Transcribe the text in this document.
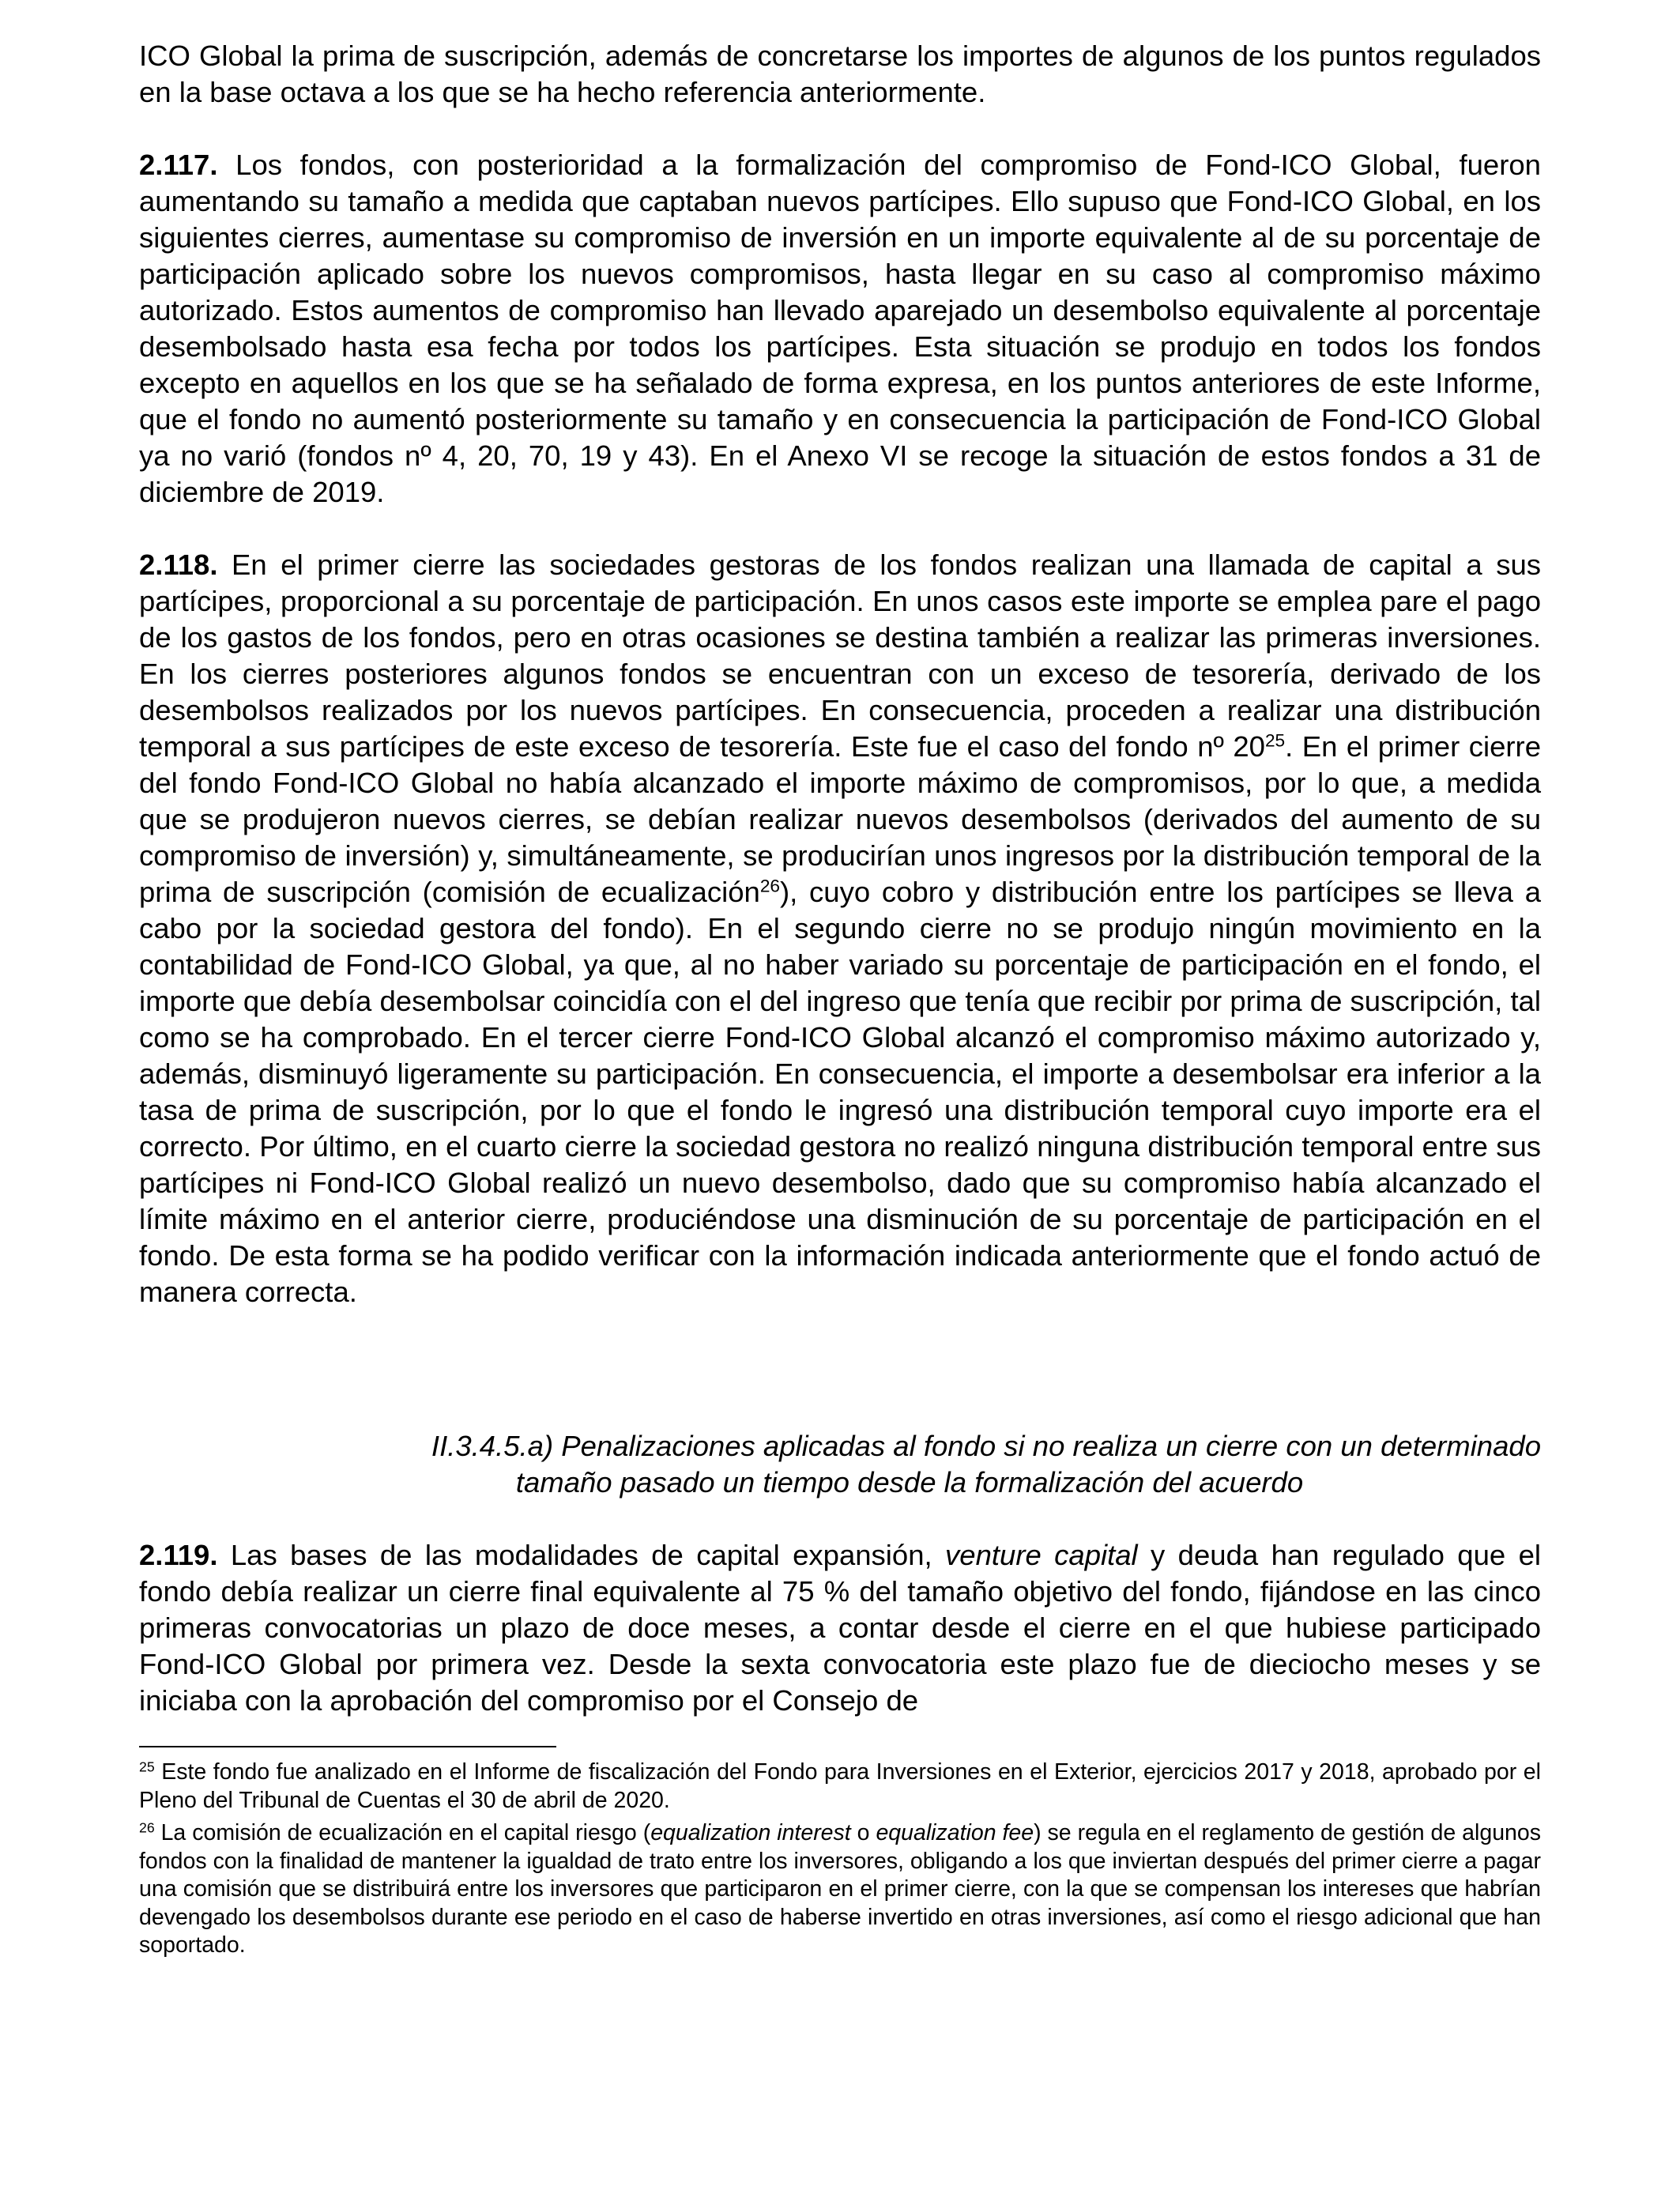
ICO Global la prima de suscripción, además de concretarse los importes de algunos de los puntos regulados en la base octava a los que se ha hecho referencia anteriormente.

2.117. Los fondos, con posterioridad a la formalización del compromiso de Fond-ICO Global, fueron aumentando su tamaño a medida que captaban nuevos partícipes. Ello supuso que Fond-ICO Global, en los siguientes cierres, aumentase su compromiso de inversión en un importe equivalente al de su porcentaje de participación aplicado sobre los nuevos compromisos, hasta llegar en su caso al compromiso máximo autorizado. Estos aumentos de compromiso han llevado aparejado un desembolso equivalente al porcentaje desembolsado hasta esa fecha por todos los partícipes. Esta situación se produjo en todos los fondos excepto en aquellos en los que se ha señalado de forma expresa, en los puntos anteriores de este Informe, que el fondo no aumentó posteriormente su tamaño y en consecuencia la participación de Fond-ICO Global ya no varió (fondos nº 4, 20, 70, 19 y 43). En el Anexo VI se recoge la situación de estos fondos a 31 de diciembre de 2019.

2.118. En el primer cierre las sociedades gestoras de los fondos realizan una llamada de capital a sus partícipes, proporcional a su porcentaje de participación. En unos casos este importe se emplea pare el pago de los gastos de los fondos, pero en otras ocasiones se destina también a realizar las primeras inversiones. En los cierres posteriores algunos fondos se encuentran con un exceso de tesorería, derivado de los desembolsos realizados por los nuevos partícipes. En consecuencia, proceden a realizar una distribución temporal a sus partícipes de este exceso de tesorería. Este fue el caso del fondo nº $20^{25}$. En el primer cierre del fondo Fond-ICO Global no había alcanzado el importe máximo de compromisos, por lo que, a medida que se produjeron nuevos cierres, se debían realizar nuevos desembolsos (derivados del aumento de su compromiso de inversión) y, simultáneamente, se producirían unos ingresos por la distribución temporal de la prima de suscripción (comisión de ecualización$^{26}$), cuyo cobro y distribución entre los partícipes se lleva a cabo por la sociedad gestora del fondo). En el segundo cierre no se produjo ningún movimiento en la contabilidad de Fond-ICO Global, ya que, al no haber variado su porcentaje de participación en el fondo, el importe que debía desembolsar coincidía con el del ingreso que tenía que recibir por prima de suscripción, tal como se ha comprobado. En el tercer cierre Fond-ICO Global alcanzó el compromiso máximo autorizado y, además, disminuyó ligeramente su participación. En consecuencia, el importe a desembolsar era inferior a la tasa de prima de suscripción, por lo que el fondo le ingresó una distribución temporal cuyo importe era el correcto. Por último, en el cuarto cierre la sociedad gestora no realizó ninguna distribución temporal entre sus partícipes ni Fond-ICO Global realizó un nuevo desembolso, dado que su compromiso había alcanzado el límite máximo en el anterior cierre, produciéndose una disminución de su porcentaje de participación en el fondo. De esta forma se ha podido verificar con la información indicada anteriormente que el fondo actuó de manera correcta.

II.3.4.5.a) Penalizaciones aplicadas al fondo si no realiza un cierre con un determinado
tamaño pasado un tiempo desde la formalización del acuerdo

2.119. Las bases de las modalidades de capital expansión, venture capital y deuda han regulado que el fondo debía realizar un cierre final equivalente al 75 % del tamaño objetivo del fondo, fijándose en las cinco primeras convocatorias un plazo de doce meses, a contar desde el cierre en el que hubiese participado Fond-ICO Global por primera vez. Desde la sexta convocatoria este plazo fue de dieciocho meses y se iniciaba con la aprobación del compromiso por el Consejo de

$^{25}$ Este fondo fue analizado en el Informe de fiscalización del Fondo para Inversiones en el Exterior, ejercicios 2017 y 2018, aprobado por el Pleno del Tribunal de Cuentas el 30 de abril de 2020.

$^{26}$ La comisión de ecualización en el capital riesgo (equalization interest o equalization fee) se regula en el reglamento de gestión de algunos fondos con la finalidad de mantener la igualdad de trato entre los inversores, obligando a los que inviertan después del primer cierre a pagar una comisión que se distribuirá entre los inversores que participaron en el primer cierre, con la que se compensan los intereses que habrían devengado los desembolsos durante ese periodo en el caso de haberse invertido en otras inversiones, así como el riesgo adicional que han soportado.
